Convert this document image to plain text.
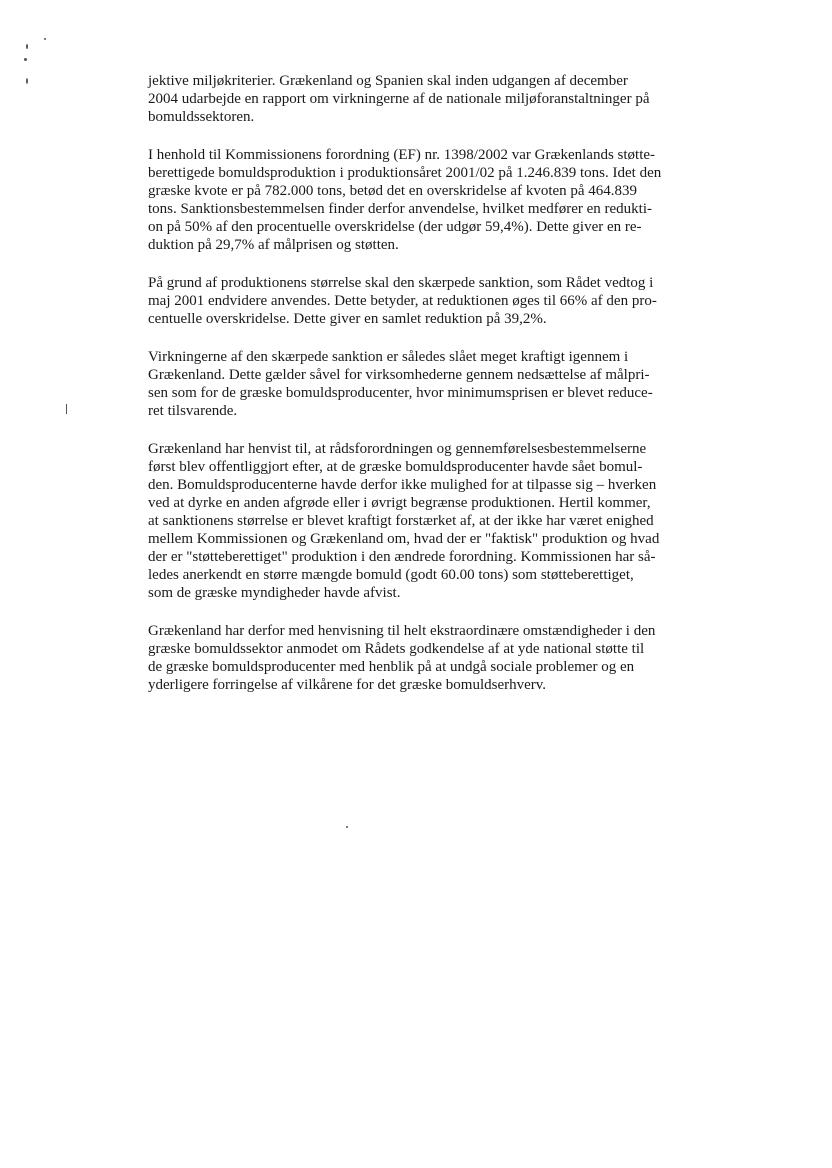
jektive miljøkriterier. Grækenland og Spanien skal inden udgangen af december
2004 udarbejde en rapport om virkningerne af de nationale miljøforanstaltninger på
bomuldssektoren.

I henhold til Kommissionens forordning (EF) nr. 1398/2002 var Grækenlands støtte-
berettigede bomuldsproduktion i produktionsåret 2001/02 på 1.246.839 tons. Idet den
græske kvote er på 782.000 tons, betød det en overskridelse af kvoten på 464.839
tons. Sanktionsbestemmelsen finder derfor anvendelse, hvilket medfører en redukti-
on på 50% af den procentuelle overskridelse (der udgør 59,4%). Dette giver en re-
duktion på 29,7% af målprisen og støtten.

På grund af produktionens størrelse skal den skærpede sanktion, som Rådet vedtog i
maj 2001 endvidere anvendes. Dette betyder, at reduktionen øges til 66% af den pro-
centuelle overskridelse. Dette giver en samlet reduktion på 39,2%.

Virkningerne af den skærpede sanktion er således slået meget kraftigt igennem i
Grækenland. Dette gælder såvel for virksomhederne gennem nedsættelse af målpri-
sen som for de græske bomuldsproducenter, hvor minimumsprisen er blevet reduce-
ret tilsvarende.

Grækenland har henvist til, at rådsforordningen og gennemførelsesbestemmelserne
først blev offentliggjort efter, at de græske bomuldsproducenter havde sået bomul-
den. Bomuldsproducenterne havde derfor ikke mulighed for at tilpasse sig – hverken
ved at dyrke en anden afgrøde eller i øvrigt begrænse produktionen. Hertil kommer,
at sanktionens størrelse er blevet kraftigt forstærket af, at der ikke har været enighed
mellem Kommissionen og Grækenland om, hvad der er "faktisk" produktion og hvad
der er "støtteberettiget" produktion i den ændrede forordning. Kommissionen har så-
ledes anerkendt en større mængde bomuld (godt 60.00 tons) som støtteberettiget,
som de græske myndigheder havde afvist.

Grækenland har derfor med henvisning til helt ekstraordinære omstændigheder i den
græske bomuldssektor anmodet om Rådets godkendelse af at yde national støtte til
de græske bomuldsproducenter med henblik på at undgå sociale problemer og en
yderligere forringelse af vilkårene for det græske bomuldserhverv.
